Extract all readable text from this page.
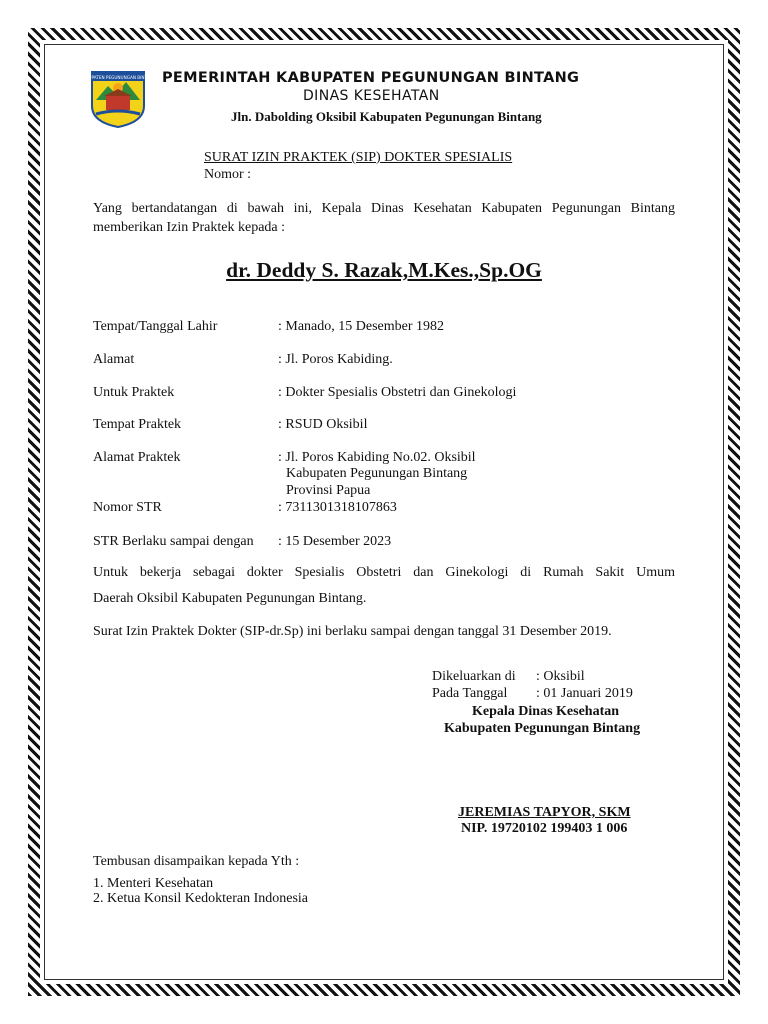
KABUPATEN PEGUNUNGAN BINTANG PEMERINTAH KABUPATEN PEGUNUNGAN BINTANG
DINAS KESEHATAN
Jln. Dabolding Oksibil Kabupaten Pegunungan Bintang
SURAT IZIN PRAKTEK (SIP) DOKTER SPESIALIS
Nomor :
Yang bertandatangan di bawah ini, Kepala Dinas Kesehatan Kabupaten Pegunungan Bintang
memberikan Izin Praktek kepada :
dr. Deddy S. Razak,M.Kes.,Sp.OG
Tempat/Tanggal Lahir	: Manado, 15 Desember 1982
Alamat	: Jl. Poros Kabiding.
Untuk Praktek	: Dokter Spesialis Obstetri dan Ginekologi
Tempat Praktek	: RSUD Oksibil
Alamat Praktek	: Jl. Poros Kabiding No.02. Oksibil
Kabupaten Pegunungan Bintang
Provinsi Papua
Nomor STR	: 7311301318107863
STR Berlaku sampai dengan : 15 Desember 2023
Untuk bekerja sebagai dokter Spesialis Obstetri dan Ginekologi di Rumah Sakit Umum
Daerah Oksibil Kabupaten Pegunungan Bintang.
Surat Izin Praktek Dokter (SIP-dr.Sp) ini berlaku sampai dengan tanggal 31 Desember 2019.
Dikeluarkan di : Oksibil
Pada Tanggal : 01 Januari 2019
Kepala Dinas Kesehatan
Kabupaten Pegunungan Bintang
JEREMIAS TAPYOR, SKM
NIP. 19720102 199403 1 006
Tembusan disampaikan kepada Yth :
1. Menteri Kesehatan
2. Ketua Konsil Kedokteran Indonesia
